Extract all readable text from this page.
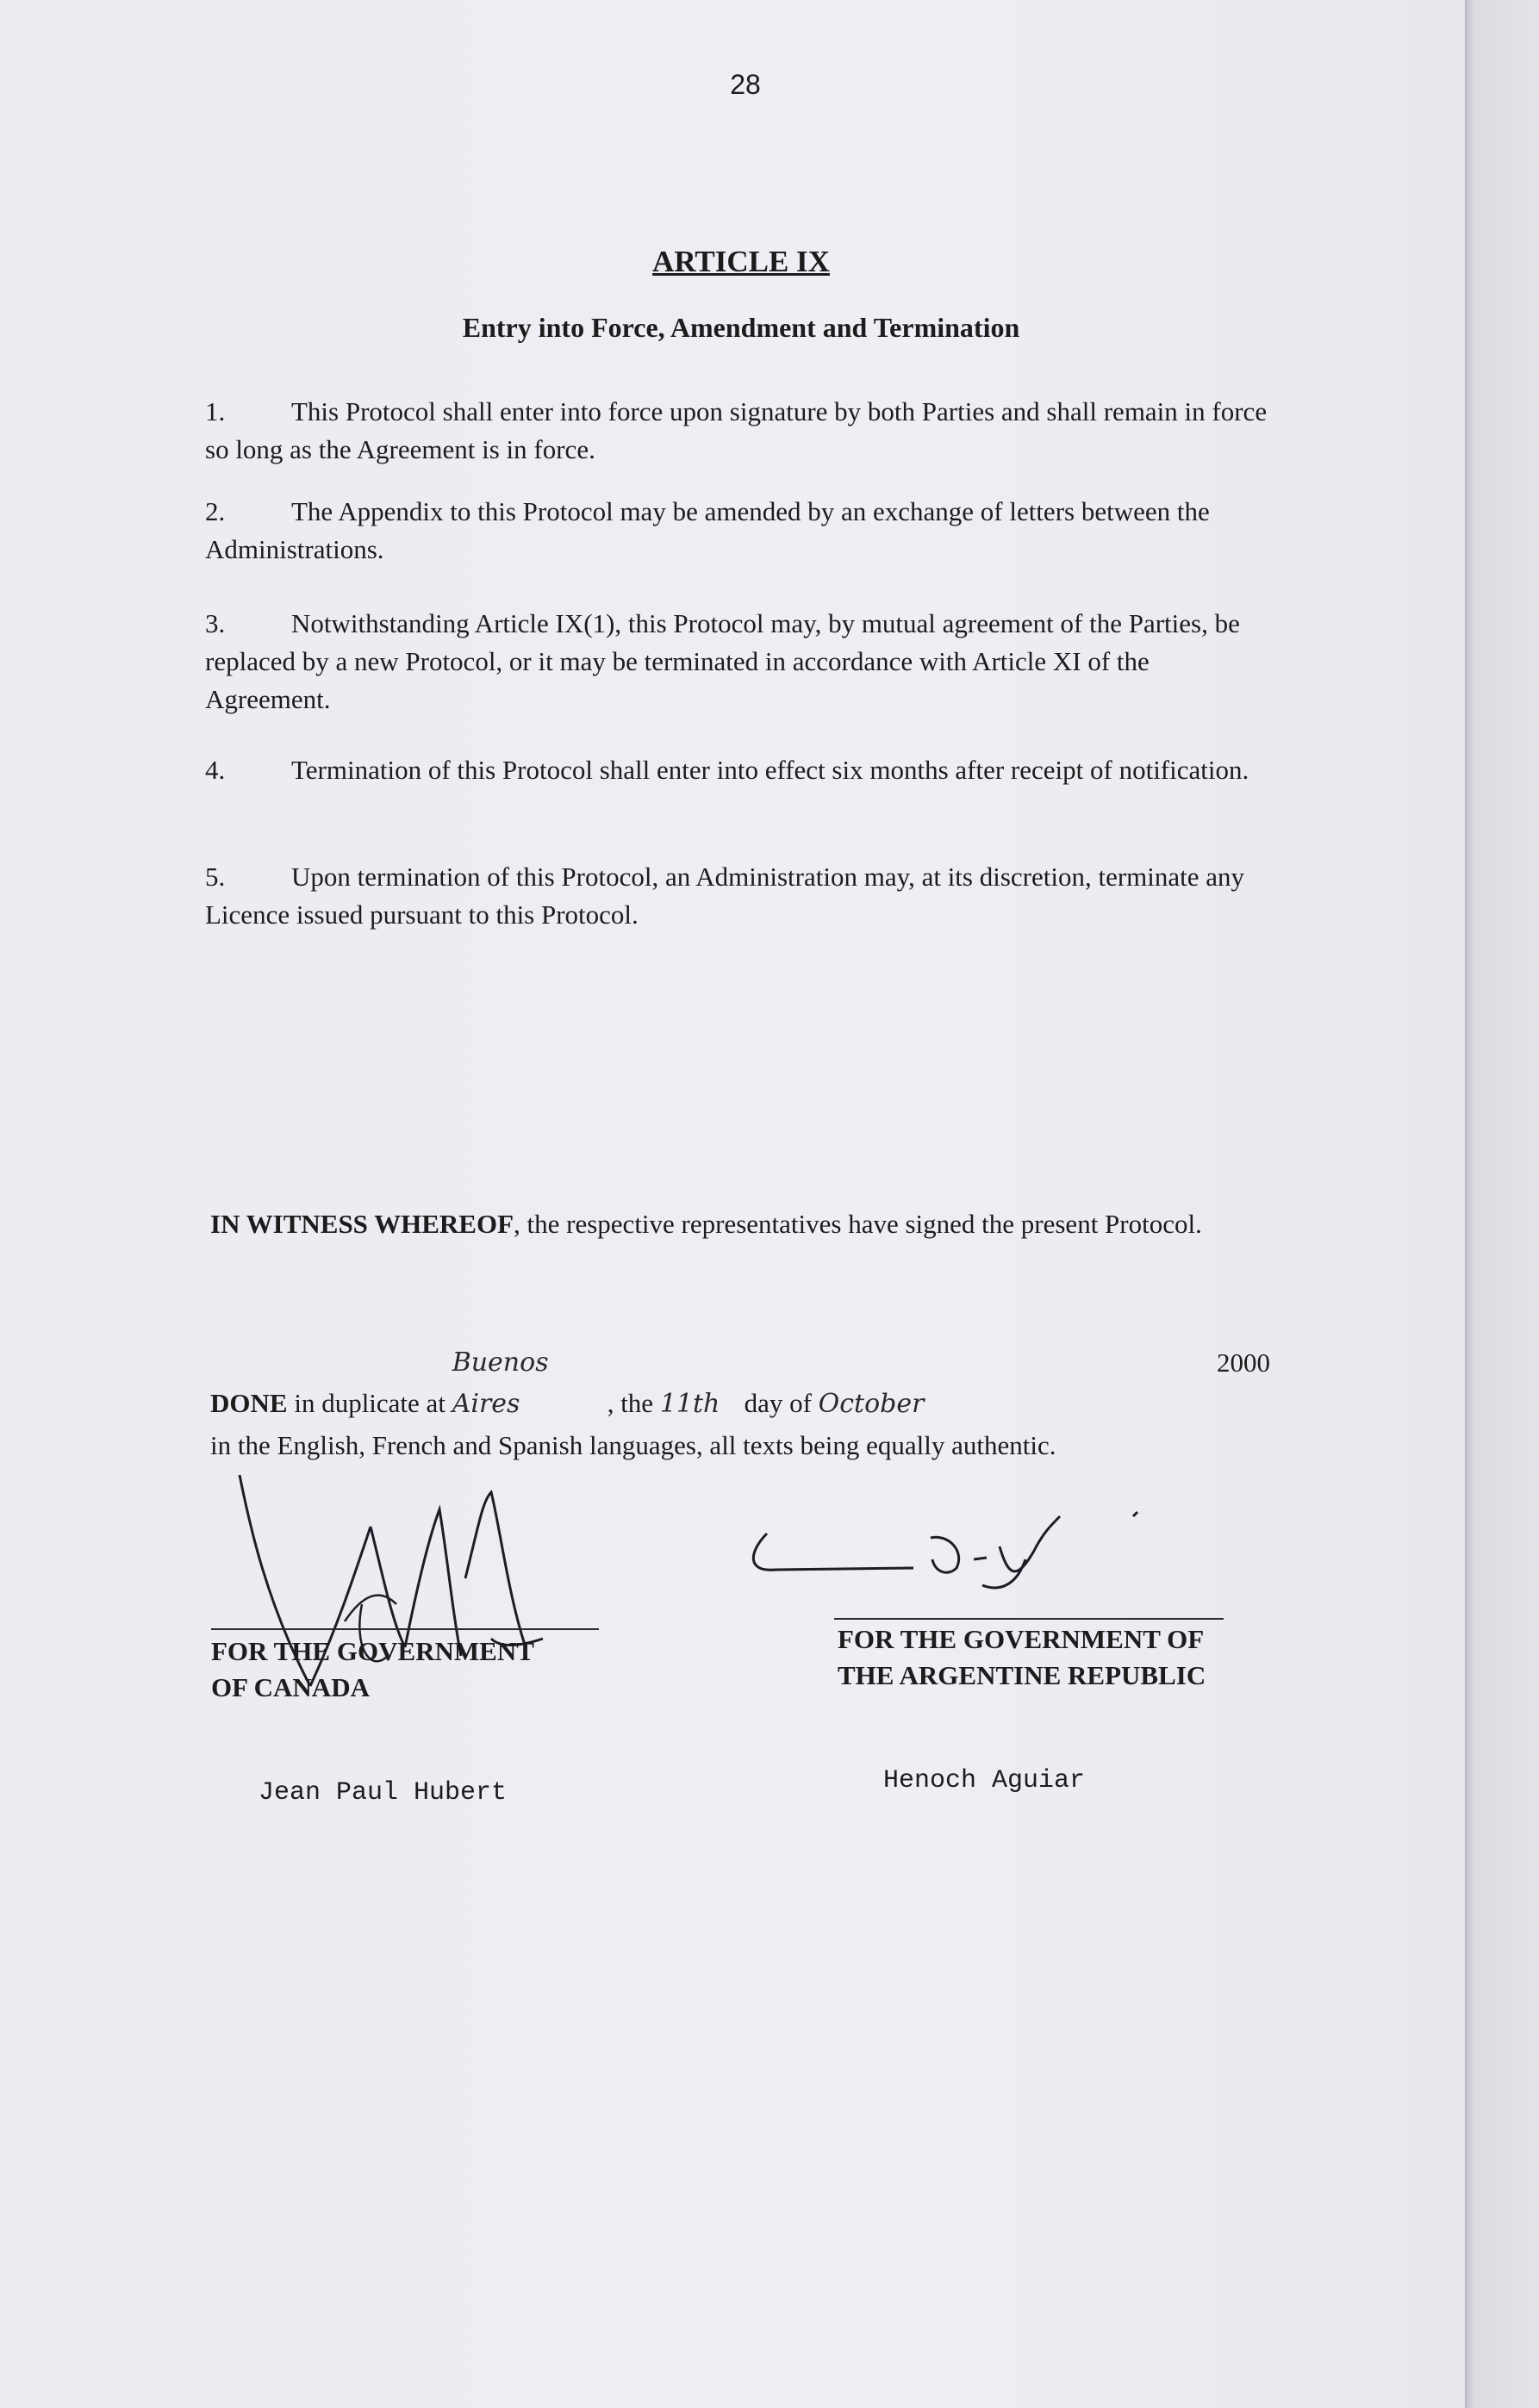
28
ARTICLE IX
Entry into Force, Amendment and Termination
1. This Protocol shall enter into force upon signature by both Parties and shall remain in force so long as the Agreement is in force.
2. The Appendix to this Protocol may be amended by an exchange of letters between the Administrations.
3. Notwithstanding Article IX(1), this Protocol may, by mutual agreement of the Parties, be replaced by a new Protocol, or it may be terminated in accordance with Article XI of the Agreement.
4. Termination of this Protocol shall enter into effect six months after receipt of notification.
5. Upon termination of this Protocol, an Administration may, at its discretion, terminate any Licence issued pursuant to this Protocol.
IN WITNESS WHEREOF, the respective representatives have signed the present Protocol.
DONE in duplicate at Buenos Aires	, the 11th day of October
2000
in the English, French and Spanish languages, all texts being equally authentic.
FOR THE GOVERNMENT
OF CANADA
FOR THE GOVERNMENT OF
THE ARGENTINE REPUBLIC
Jean Paul Hubert	Henoch Aguiar
